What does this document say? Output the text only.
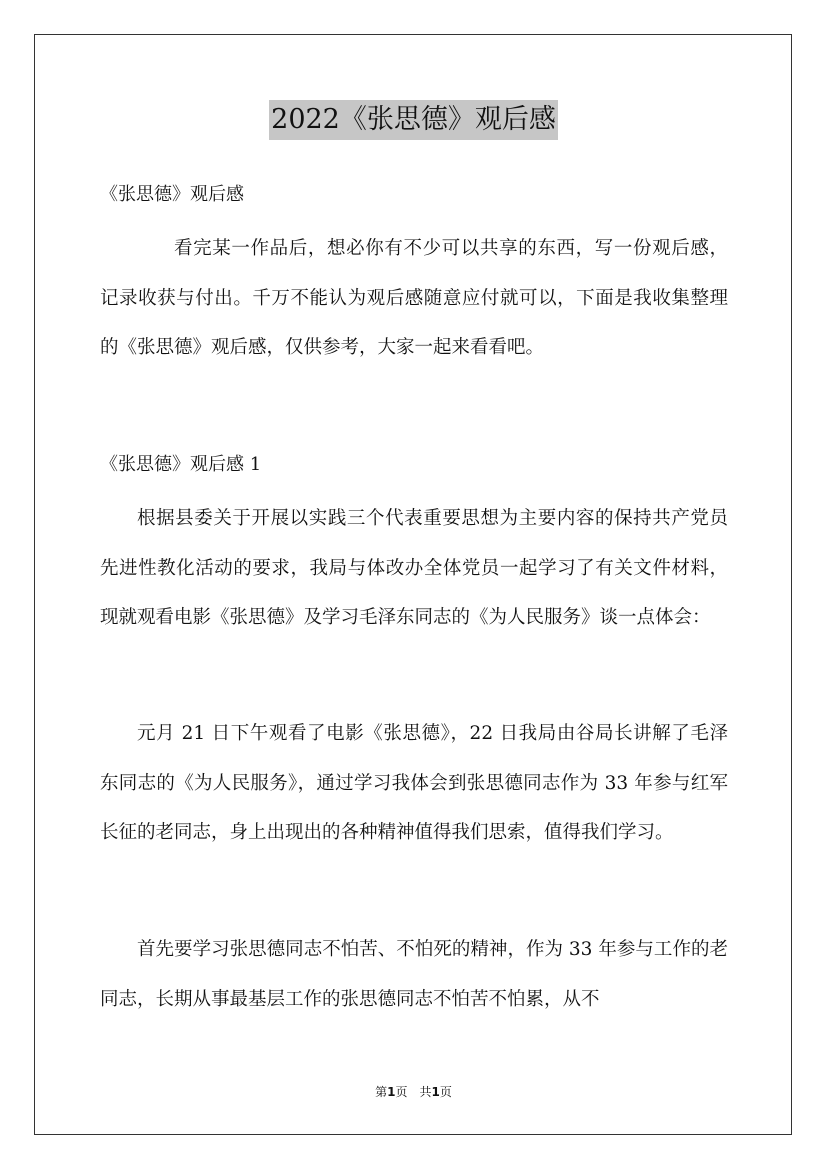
2022《张思德》观后感

《张思德》观后感

看完某一作品后，想必你有不少可以共享的东西，写一份观后感，记录收获与付出。千万不能认为观后感随意应付就可以，下面是我收集整理的《张思德》观后感，仅供参考，大家一起来看看吧。

《张思德》观后感 1

根据县委关于开展以实践三个代表重要思想为主要内容的保持共产党员先进性教化活动的要求，我局与体改办全体党员一起学习了有关文件材料，现就观看电影《张思德》及学习毛泽东同志的《为人民服务》谈一点体会：

元月 21 日下午观看了电影《张思德》，22 日我局由谷局长讲解了毛泽东同志的《为人民服务》，通过学习我体会到张思德同志作为 33 年参与红军长征的老同志，身上出现出的各种精神值得我们思索，值得我们学习。

首先要学习张思德同志不怕苦、不怕死的精神，作为 33 年参与工作的老同志，长期从事最基层工作的张思德同志不怕苦不怕累，从不

第1页 共1页
